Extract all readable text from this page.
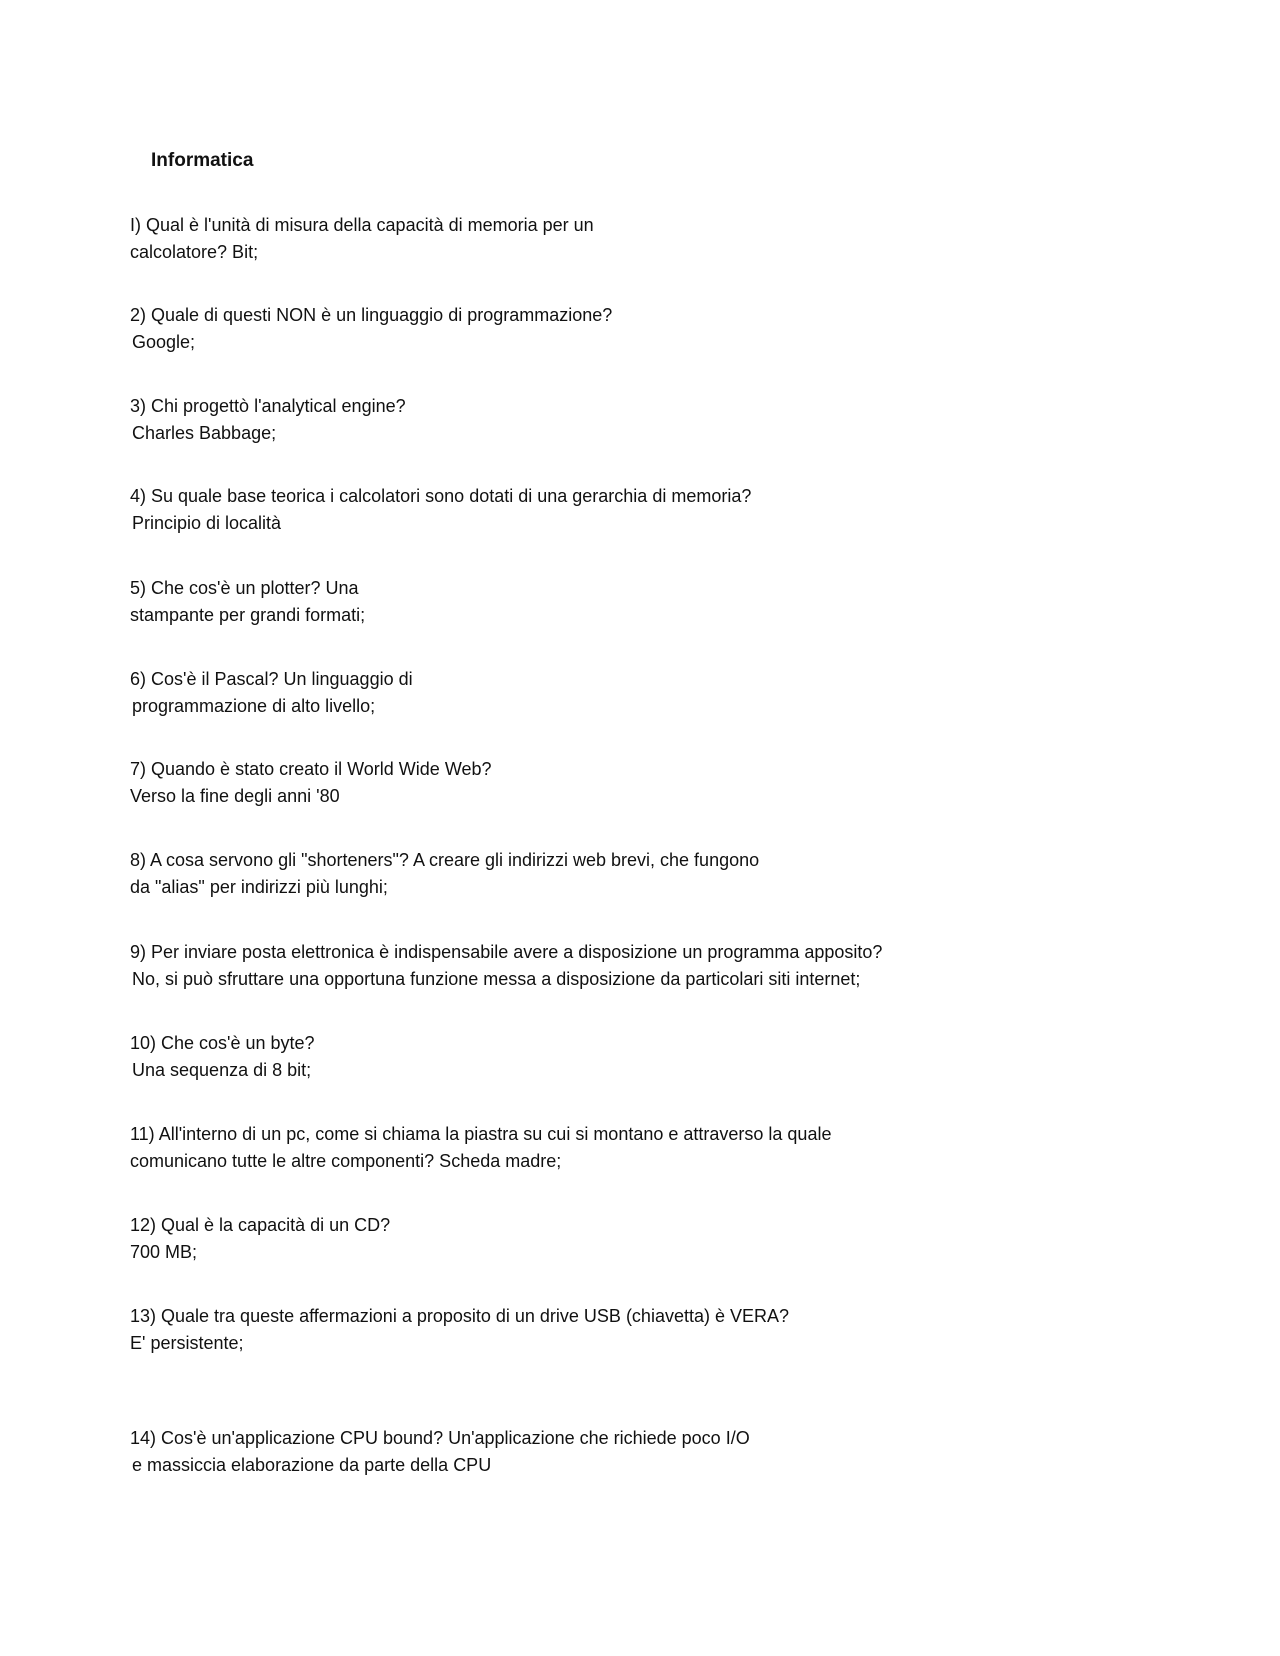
Informatica

I) Qual è l'unità di misura della capacità di memoria per un
calcolatore? Bit;

2) Quale di questi NON è un linguaggio di programmazione?
Google;

3) Chi progettò l'analytical engine?
Charles Babbage;

4) Su quale base teorica i calcolatori sono dotati di una gerarchia di memoria?
Principio di località

5) Che cos'è un plotter? Una
stampante per grandi formati;

6) Cos'è il Pascal? Un linguaggio di
programmazione di alto livello;

7) Quando è stato creato il World Wide Web?
Verso la fine degli anni '80

8) A cosa servono gli "shorteners"? A creare gli indirizzi web brevi, che fungono
da "alias" per indirizzi più lunghi;

9) Per inviare posta elettronica è indispensabile avere a disposizione un programma apposito?
No, si può sfruttare una opportuna funzione messa a disposizione da particolari siti internet;

10) Che cos'è un byte?
Una sequenza di 8 bit;

11) All'interno di un pc, come si chiama la piastra su cui si montano e attraverso la quale
comunicano tutte le altre componenti? Scheda madre;

12) Qual è la capacità di un CD?
700 MB;

13) Quale tra queste affermazioni a proposito di un drive USB (chiavetta) è VERA?
E' persistente;

14) Cos'è un'applicazione CPU bound? Un'applicazione che richiede poco I/O
e massiccia elaborazione da parte della CPU
